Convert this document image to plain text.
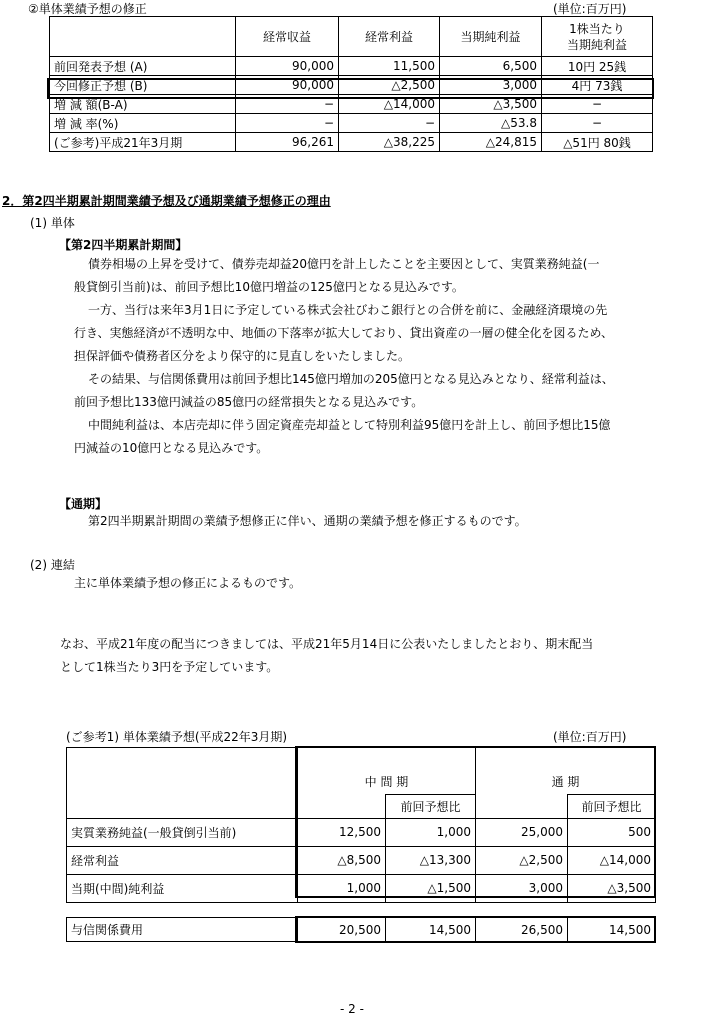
②単体業績予想の修正	(単位:百万円)
	経常収益	経常利益	当期純利益	1株当たり
当期純利益

前回発表予想 (A)	90,000	11,500	6,500	10円 25銭
今回修正予想 (B)	90,000	△2,500	3,000	4円 73銭
増 減 額(B-A)	−	△14,000	△3,500	−
増 減 率(%)	−	−	△53.8	−
(ご参考)平成21年3月期	96,261	△38,225	△24,815	△51円 80銭
2．第2四半期累計期間業績予想及び通期業績予想修正の理由
(1) 単体
【第2四半期累計期間】
債券相場の上昇を受けて、債券売却益20億円を計上したことを主要因として、実質業務純益(一
般貸倒引当前)は、前回予想比10億円増益の125億円となる見込みです。
一方、当行は来年3月1日に予定している株式会社びわこ銀行との合併を前に、金融経済環境の先
行き、実態経済が不透明な中、地価の下落率が拡大しており、貸出資産の一層の健全化を図るため、
担保評価や債務者区分をより保守的に見直しをいたしました。
その結果、与信関係費用は前回予想比145億円増加の205億円となる見込みとなり、経常利益は、
前回予想比133億円減益の85億円の経常損失となる見込みです。
中間純利益は、本店売却に伴う固定資産売却益として特別利益95億円を計上し、前回予想比15億
円減益の10億円となる見込みです。
【通期】
第2四半期累計期間の業績予想修正に伴い、通期の業績予想を修正するものです。
(2) 連結
主に単体業績予想の修正によるものです。
なお、平成21年度の配当につきましては、平成21年5月14日に公表いたしましたとおり、期末配当
として1株当たり3円を予定しています。
(ご参考1) 単体業績予想(平成22年3月期)	(単位:百万円)

	中 間 期		通 期	
		前回予想比		前回予想比
実質業務純益(一般貸倒引当前)	12,500	1,000	25,000	500
経常利益	△8,500	△13,300	△2,500	△14,000
当期(中間)純利益	1,000	△1,500	3,000	△3,500
与信関係費用	20,500	14,500	26,500	14,500
- 2 -
